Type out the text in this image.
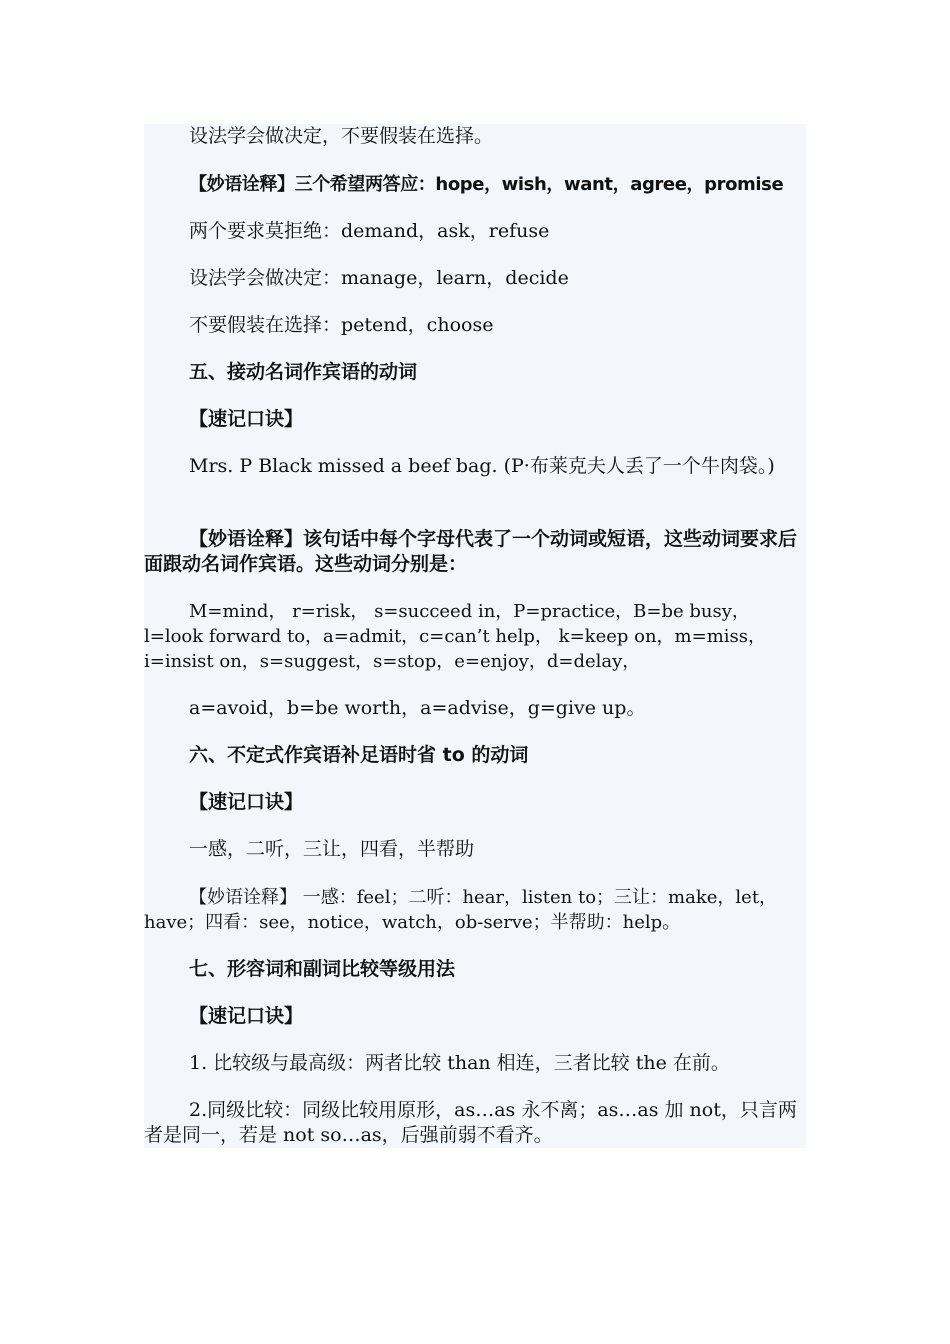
设法学会做决定，不要假装在选择。

【妙语诠释】三个希望两答应：hope，wish，want，agree，promise

两个要求莫拒绝：demand，ask，refuse

设法学会做决定：manage，learn，decide

不要假装在选择：petend，choose

五、接动名词作宾语的动词

【速记口诀】

Mrs. P Black missed a beef bag. (P·布莱克夫人丢了一个牛肉袋。)

【妙语诠释】该句话中每个字母代表了一个动词或短语，这些动词要求后面跟动名词作宾语。这些动词分别是：

M=mind， r=risk， s=succeed in，P=practice，B=be busy，l=look forward to，a=admit，c=can’t help， k=keep on，m=miss，i=insist on，s=suggest，s=stop，e=enjoy，d=delay，

a=avoid，b=be worth，a=advise，g=give up。

六、不定式作宾语补足语时省 to 的动词

【速记口诀】

一感，二听，三让，四看，半帮助

【妙语诠释】 一感：feel；二听：hear，listen to；三让：make，let，have；四看：see，notice，watch，ob-serve；半帮助：help。

七、形容词和副词比较等级用法

【速记口诀】

1. 比较级与最高级：两者比较 than 相连，三者比较 the 在前。

2.同级比较：同级比较用原形，as…as 永不离；as…as 加 not，只言两者是同一，若是 not so…as，后强前弱不看齐。
